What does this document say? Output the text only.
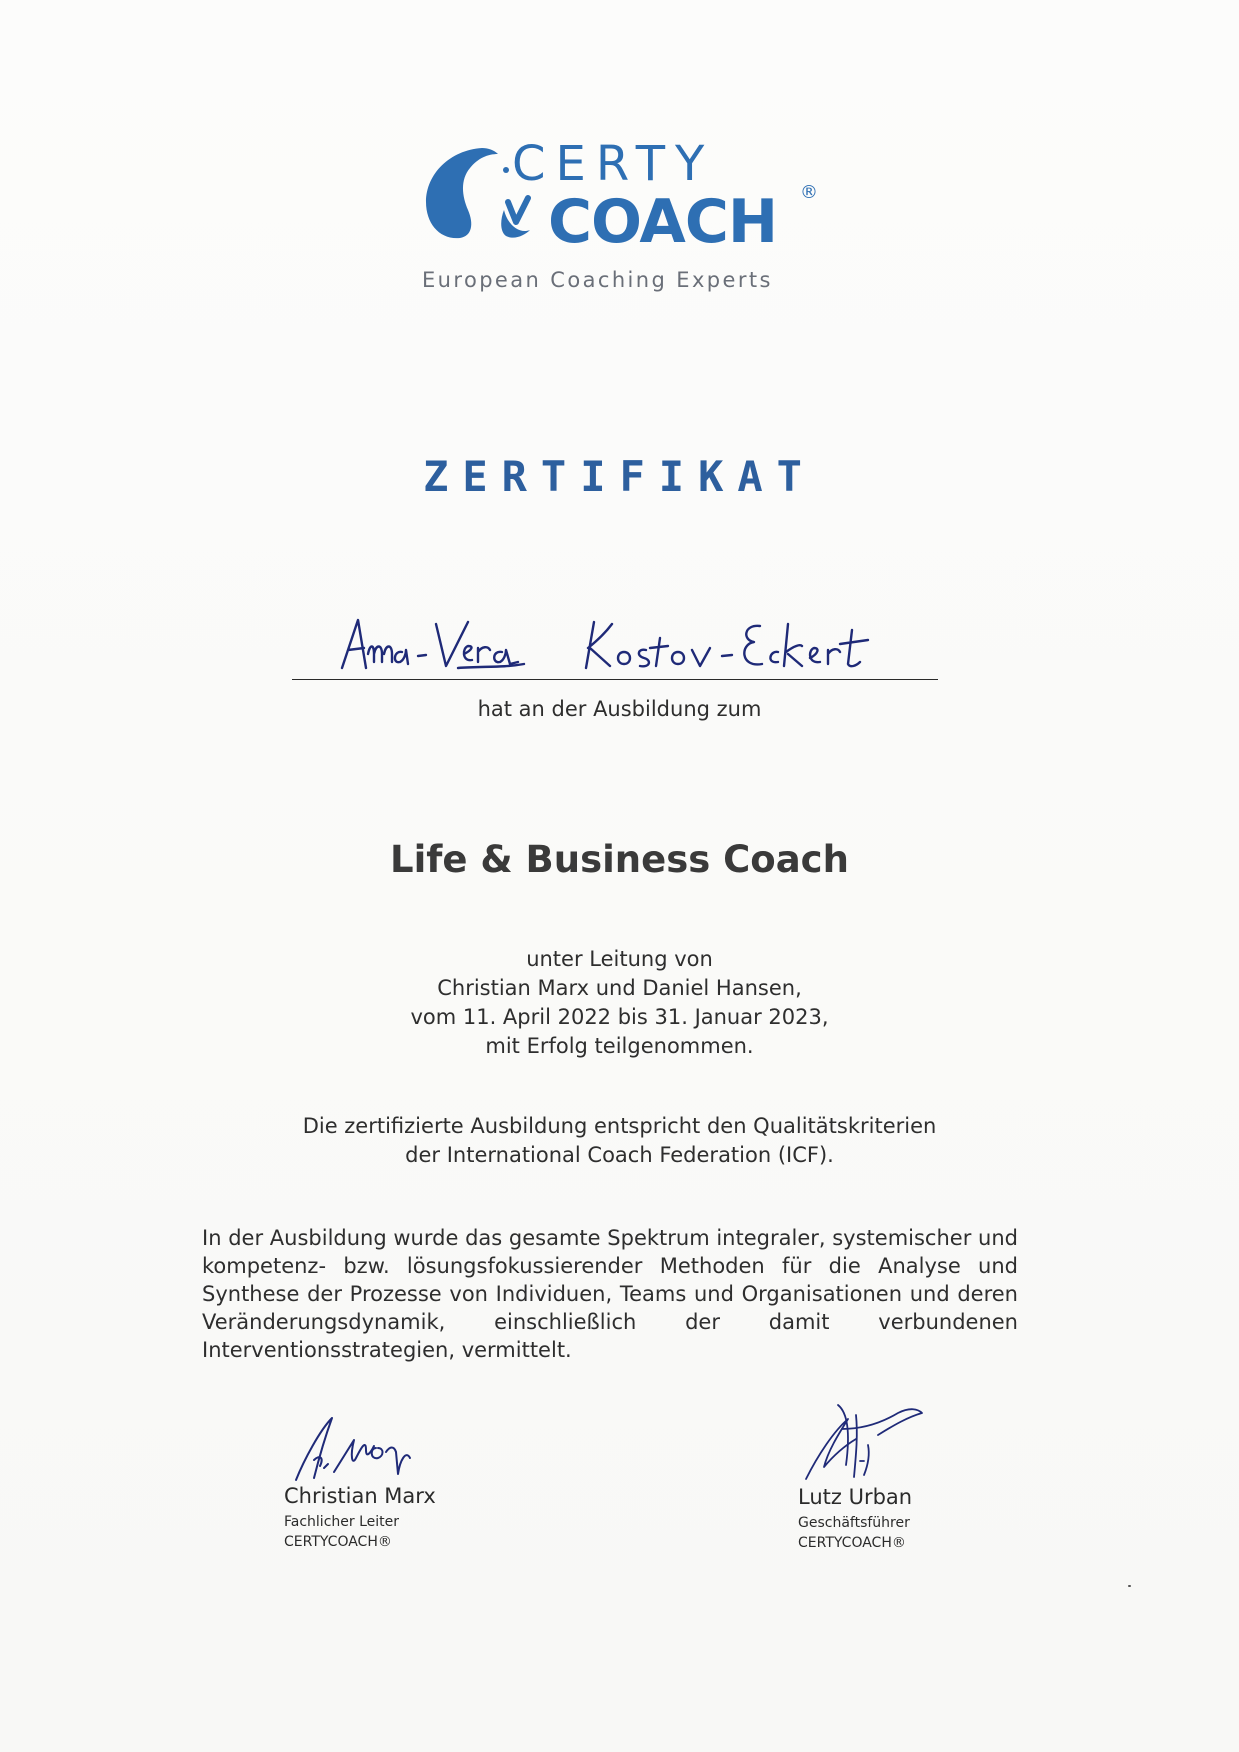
CERTY
COACH ®
European Coaching Experts
ZERTIFIKAT
hat an der Ausbildung zum
Life & Business Coach
unter Leitung von
Christian Marx und Daniel Hansen,
vom 11. April 2022 bis 31. Januar 2023,
mit Erfolg teilgenommen.
Die zertifizierte Ausbildung entspricht den Qualitätskriterien
der International Coach Federation (ICF).
In der Ausbildung wurde das gesamte Spektrum integraler, systemischer und kompetenz- bzw. lösungsfokussierender Methoden für die Analyse und Synthese der Prozesse von Individuen, Teams und Organisationen und deren Veränderungsdynamik, einschließlich der damit verbundenen Interventionsstrategien, vermittelt.
Christian Marx
Fachlicher Leiter
CERTYCOACH®
Lutz Urban
Geschäftsführer
CERTYCOACH®
